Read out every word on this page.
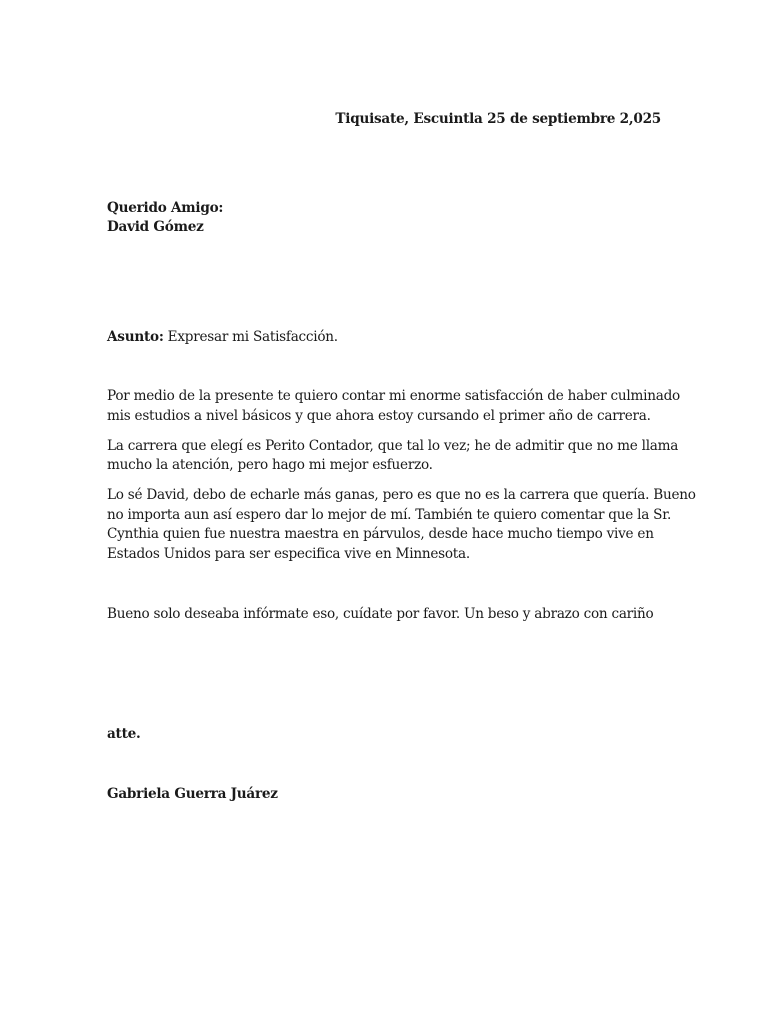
Tiquisate, Escuintla 25 de septiembre 2,025
Querido Amigo:
David Gómez
Asunto: Expresar mi Satisfacción.
Por medio de la presente te quiero contar mi enorme satisfacción de haber culminado
mis estudios a nivel básicos y que ahora estoy cursando el primer año de carrera.
La carrera que elegí es Perito Contador, que tal lo vez; he de admitir que no me llama
mucho la atención, pero hago mi mejor esfuerzo.
Lo sé David, debo de echarle más ganas, pero es que no es la carrera que quería. Bueno
no importa aun así espero dar lo mejor de mí. También te quiero comentar que la Sr.
Cynthia quien fue nuestra maestra en párvulos, desde hace mucho tiempo vive en
Estados Unidos para ser especifica vive en Minnesota.
Bueno solo deseaba infórmate eso, cuídate por favor. Un beso y abrazo con cariño
atte.
Gabriela Guerra Juárez
